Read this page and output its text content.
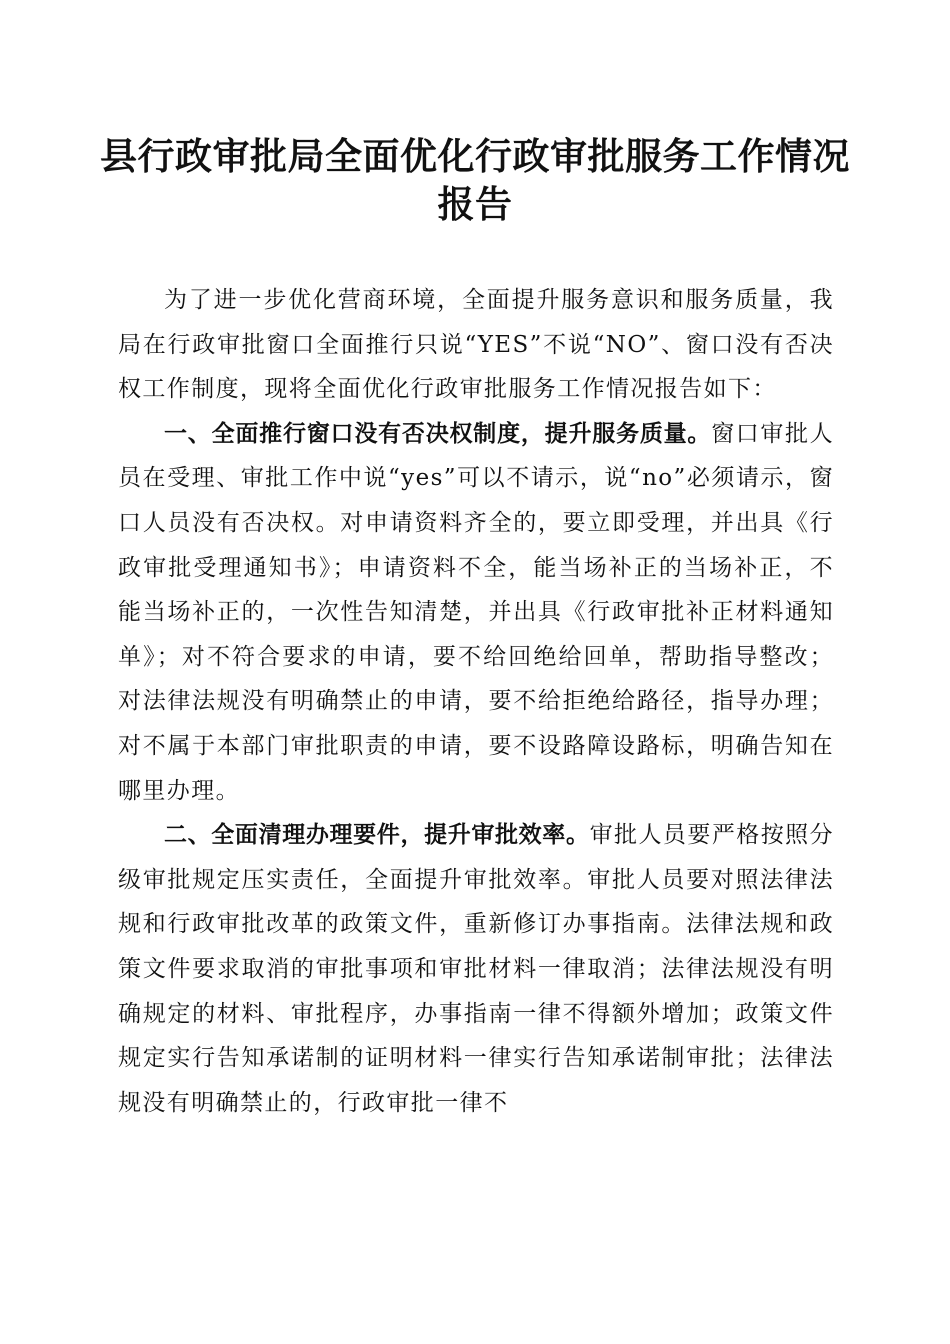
县行政审批局全面优化行政审批服务工作情况
报告

为了进一步优化营商环境，全面提升服务意识和服务质量，我局在行政审批窗口全面推行只说“YES”不说“NO”、窗口没有否决权工作制度，现将全面优化行政审批服务工作情况报告如下：

一、全面推行窗口没有否决权制度，提升服务质量。窗口审批人员在受理、审批工作中说“yes”可以不请示，说“no”必须请示，窗口人员没有否决权。对申请资料齐全的，要立即受理，并出具《行政审批受理通知书》；申请资料不全，能当场补正的当场补正，不能当场补正的，一次性告知清楚，并出具《行政审批补正材料通知单》；对不符合要求的申请，要不给回绝给回单，帮助指导整改；对法律法规没有明确禁止的申请，要不给拒绝给路径，指导办理；对不属于本部门审批职责的申请，要不设路障设路标，明确告知在哪里办理。

二、全面清理办理要件，提升审批效率。审批人员要严格按照分级审批规定压实责任，全面提升审批效率。审批人员要对照法律法规和行政审批改革的政策文件，重新修订办事指南。法律法规和政策文件要求取消的审批事项和审批材料一律取消；法律法规没有明确规定的材料、审批程序，办事指南一律不得额外增加；政策文件规定实行告知承诺制的证明材料一律实行告知承诺制审批；法律法规没有明确禁止的，行政审批一律不
